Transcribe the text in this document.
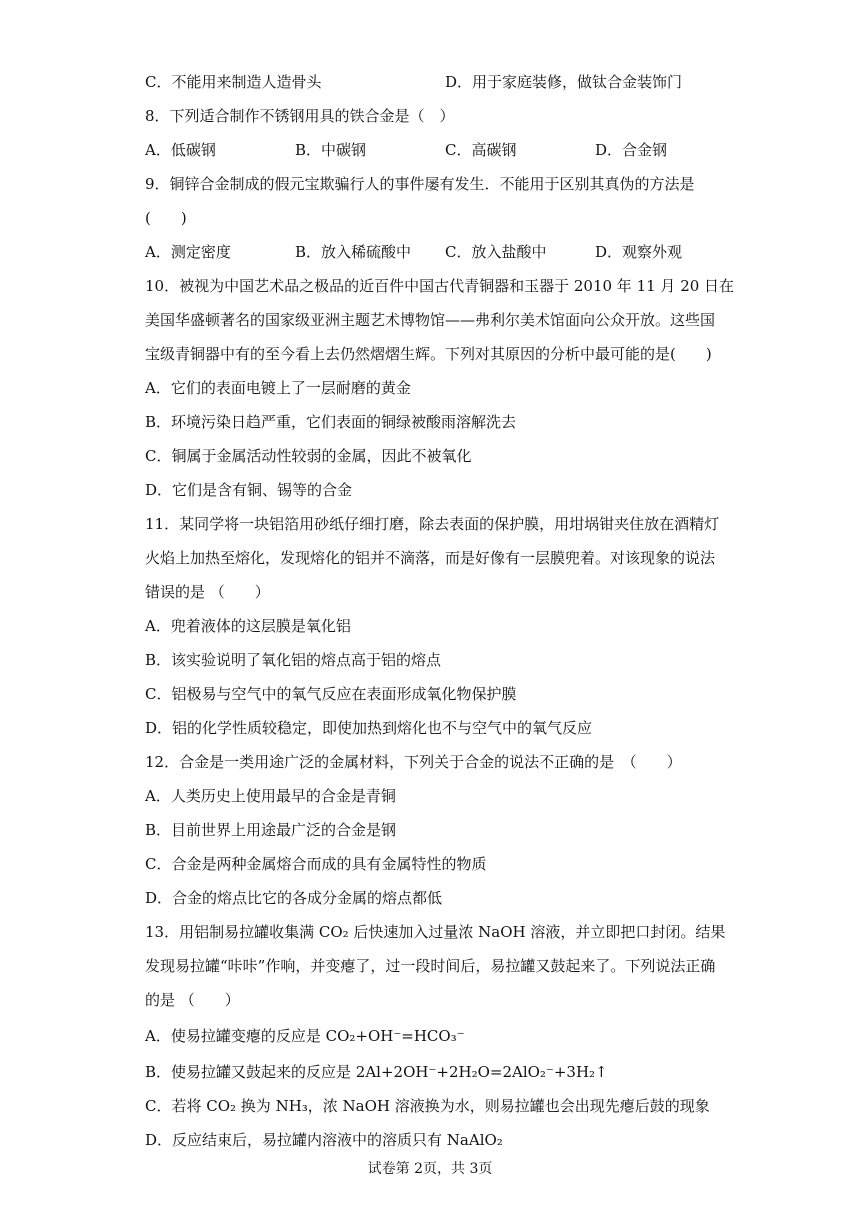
C．不能用来制造人造骨头	D．用于家庭装修，做钛合金装饰门
8．下列适合制作不锈钢用具的铁合金是（　）
A．低碳钢	B．中碳钢	C．高碳钢	D．合金钢
9．铜锌合金制成的假元宝欺骗行人的事件屡有发生．不能用于区别其真伪的方法是
(　　)
A．测定密度	B．放入稀硫酸中 C．放入盐酸中	D．观察外观
10．被视为中国艺术品之极品的近百件中国古代青铜器和玉器于 2010 年 11 月 20 日在
美国华盛顿著名的国家级亚洲主题艺术博物馆——弗利尔美术馆面向公众开放。这些国
宝级青铜器中有的至今看上去仍然熠熠生辉。下列对其原因的分析中最可能的是(　　)
A．它们的表面电镀上了一层耐磨的黄金
B．环境污染日趋严重，它们表面的铜绿被酸雨溶解洗去
C．铜属于金属活动性较弱的金属，因此不被氧化
D．它们是含有铜、锡等的合金
11．某同学将一块铝箔用砂纸仔细打磨，除去表面的保护膜，用坩埚钳夹住放在酒精灯
火焰上加热至熔化，发现熔化的铝并不滴落，而是好像有一层膜兜着。对该现象的说法
错误的是 （　　）
A．兜着液体的这层膜是氧化铝
B．该实验说明了氧化铝的熔点高于铝的熔点
C．铝极易与空气中的氧气反应在表面形成氧化物保护膜
D．铝的化学性质较稳定，即使加热到熔化也不与空气中的氧气反应
12．合金是一类用途广泛的金属材料，下列关于合金的说法不正确的是　（　　）
A．人类历史上使用最早的合金是青铜
B．目前世界上用途最广泛的合金是钢
C．合金是两种金属熔合而成的具有金属特性的物质
D．合金的熔点比它的各成分金属的熔点都低
13．用铝制易拉罐收集满 CO₂ 后快速加入过量浓 NaOH 溶液，并立即把口封闭。结果
发现易拉罐“咔咔”作响，并变瘪了，过一段时间后，易拉罐又鼓起来了。下列说法正确
的是 （　　）
A．使易拉罐变瘪的反应是 CO₂+OH⁻=HCO₃⁻
B．使易拉罐又鼓起来的反应是 2Al+2OH⁻+2H₂O=2AlO₂⁻+3H₂↑
C．若将 CO₂ 换为 NH₃，浓 NaOH 溶液换为水，则易拉罐也会出现先瘪后鼓的现象
D．反应结束后，易拉罐内溶液中的溶质只有 NaAlO₂
试卷第 2页，共 3页
